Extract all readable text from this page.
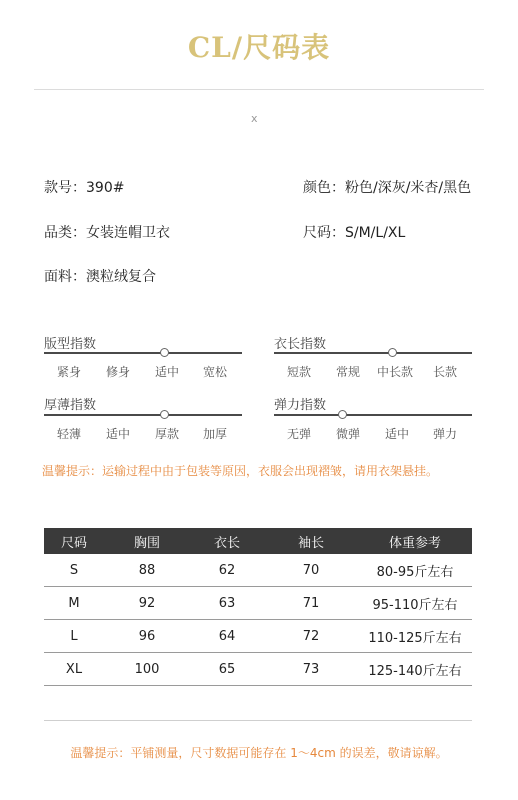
CL/尺码表
x
款号：390#	颜色：粉色/深灰/米杏/黑色
品类：女装连帽卫衣	尺码：S/M/L/XL
面料：澳粒绒复合
版型指数
紧身 修身 适中 宽松
衣长指数
短款 常规 中长款 长款
厚薄指数
轻薄 适中 厚款 加厚
弹力指数
无弹 微弹 适中 弹力
温馨提示：运输过程中由于包装等原因，衣服会出现褶皱，请用衣架悬挂。
尺码	胸围	衣长	袖长	体重参考
S	88	62	70	80-95斤左右
M	92	63	71	95-110斤左右
L	96	64	72	110-125斤左右
XL	100	65	73	125-140斤左右
温馨提示：平铺测量，尺寸数据可能存在 1～4cm 的误差，敬请谅解。
